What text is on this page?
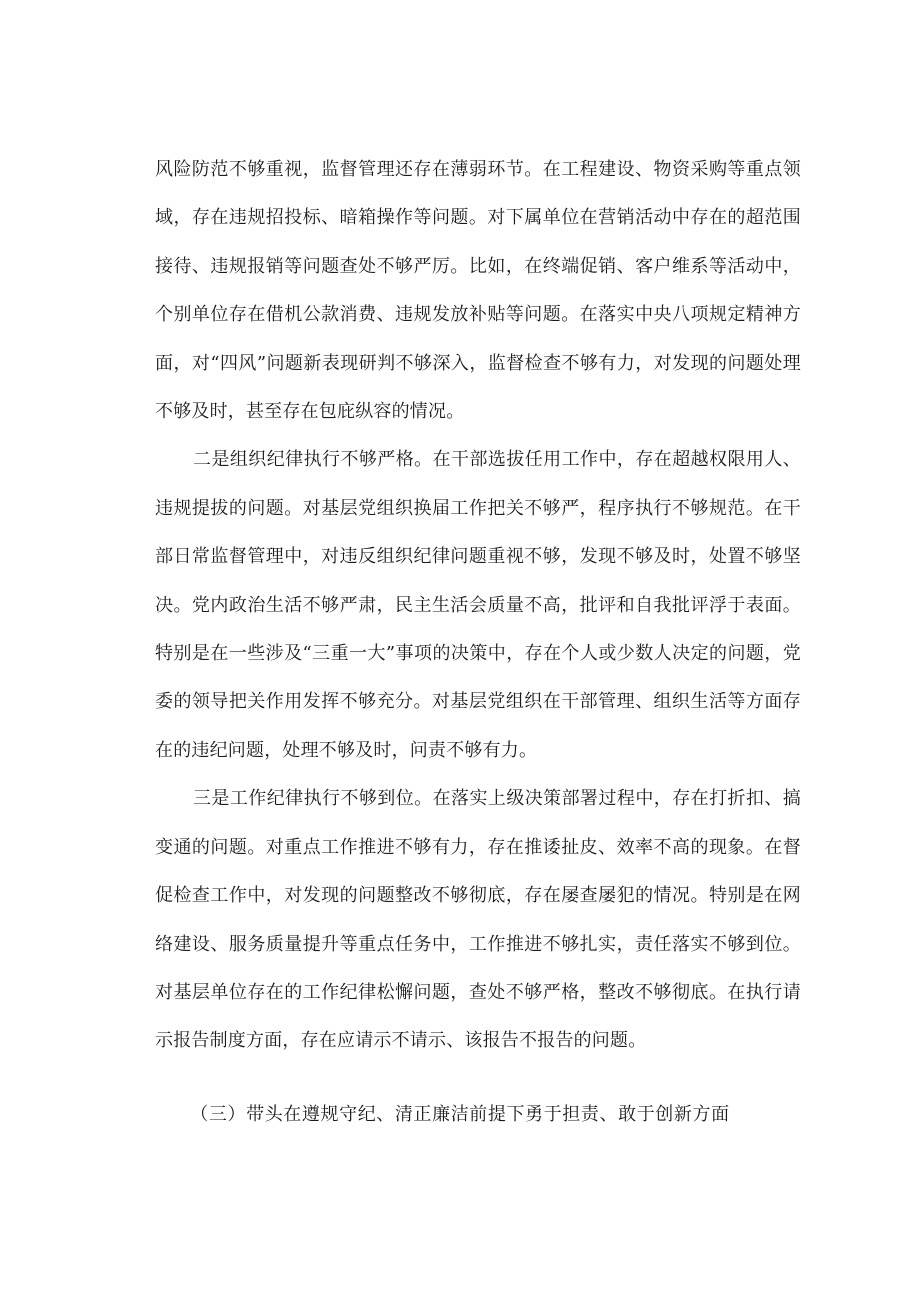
风险防范不够重视，监督管理还存在薄弱环节。在工程建设、物资采购等重点领域，存在违规招投标、暗箱操作等问题。对下属单位在营销活动中存在的超范围接待、违规报销等问题查处不够严厉。比如，在终端促销、客户维系等活动中，个别单位存在借机公款消费、违规发放补贴等问题。在落实中央八项规定精神方面，对“四风”问题新表现研判不够深入，监督检查不够有力，对发现的问题处理不够及时，甚至存在包庇纵容的情况。

二是组织纪律执行不够严格。在干部选拔任用工作中，存在超越权限用人、违规提拔的问题。对基层党组织换届工作把关不够严，程序执行不够规范。在干部日常监督管理中，对违反组织纪律问题重视不够，发现不够及时，处置不够坚决。党内政治生活不够严肃，民主生活会质量不高，批评和自我批评浮于表面。特别是在一些涉及“三重一大”事项的决策中，存在个人或少数人决定的问题，党委的领导把关作用发挥不够充分。对基层党组织在干部管理、组织生活等方面存在的违纪问题，处理不够及时，问责不够有力。

三是工作纪律执行不够到位。在落实上级决策部署过程中，存在打折扣、搞变通的问题。对重点工作推进不够有力，存在推诿扯皮、效率不高的现象。在督促检查工作中，对发现的问题整改不够彻底，存在屡查屡犯的情况。特别是在网络建设、服务质量提升等重点任务中，工作推进不够扎实，责任落实不够到位。对基层单位存在的工作纪律松懈问题，查处不够严格，整改不够彻底。在执行请示报告制度方面，存在应请示不请示、该报告不报告的问题。

（三）带头在遵规守纪、清正廉洁前提下勇于担责、敢于创新方面
